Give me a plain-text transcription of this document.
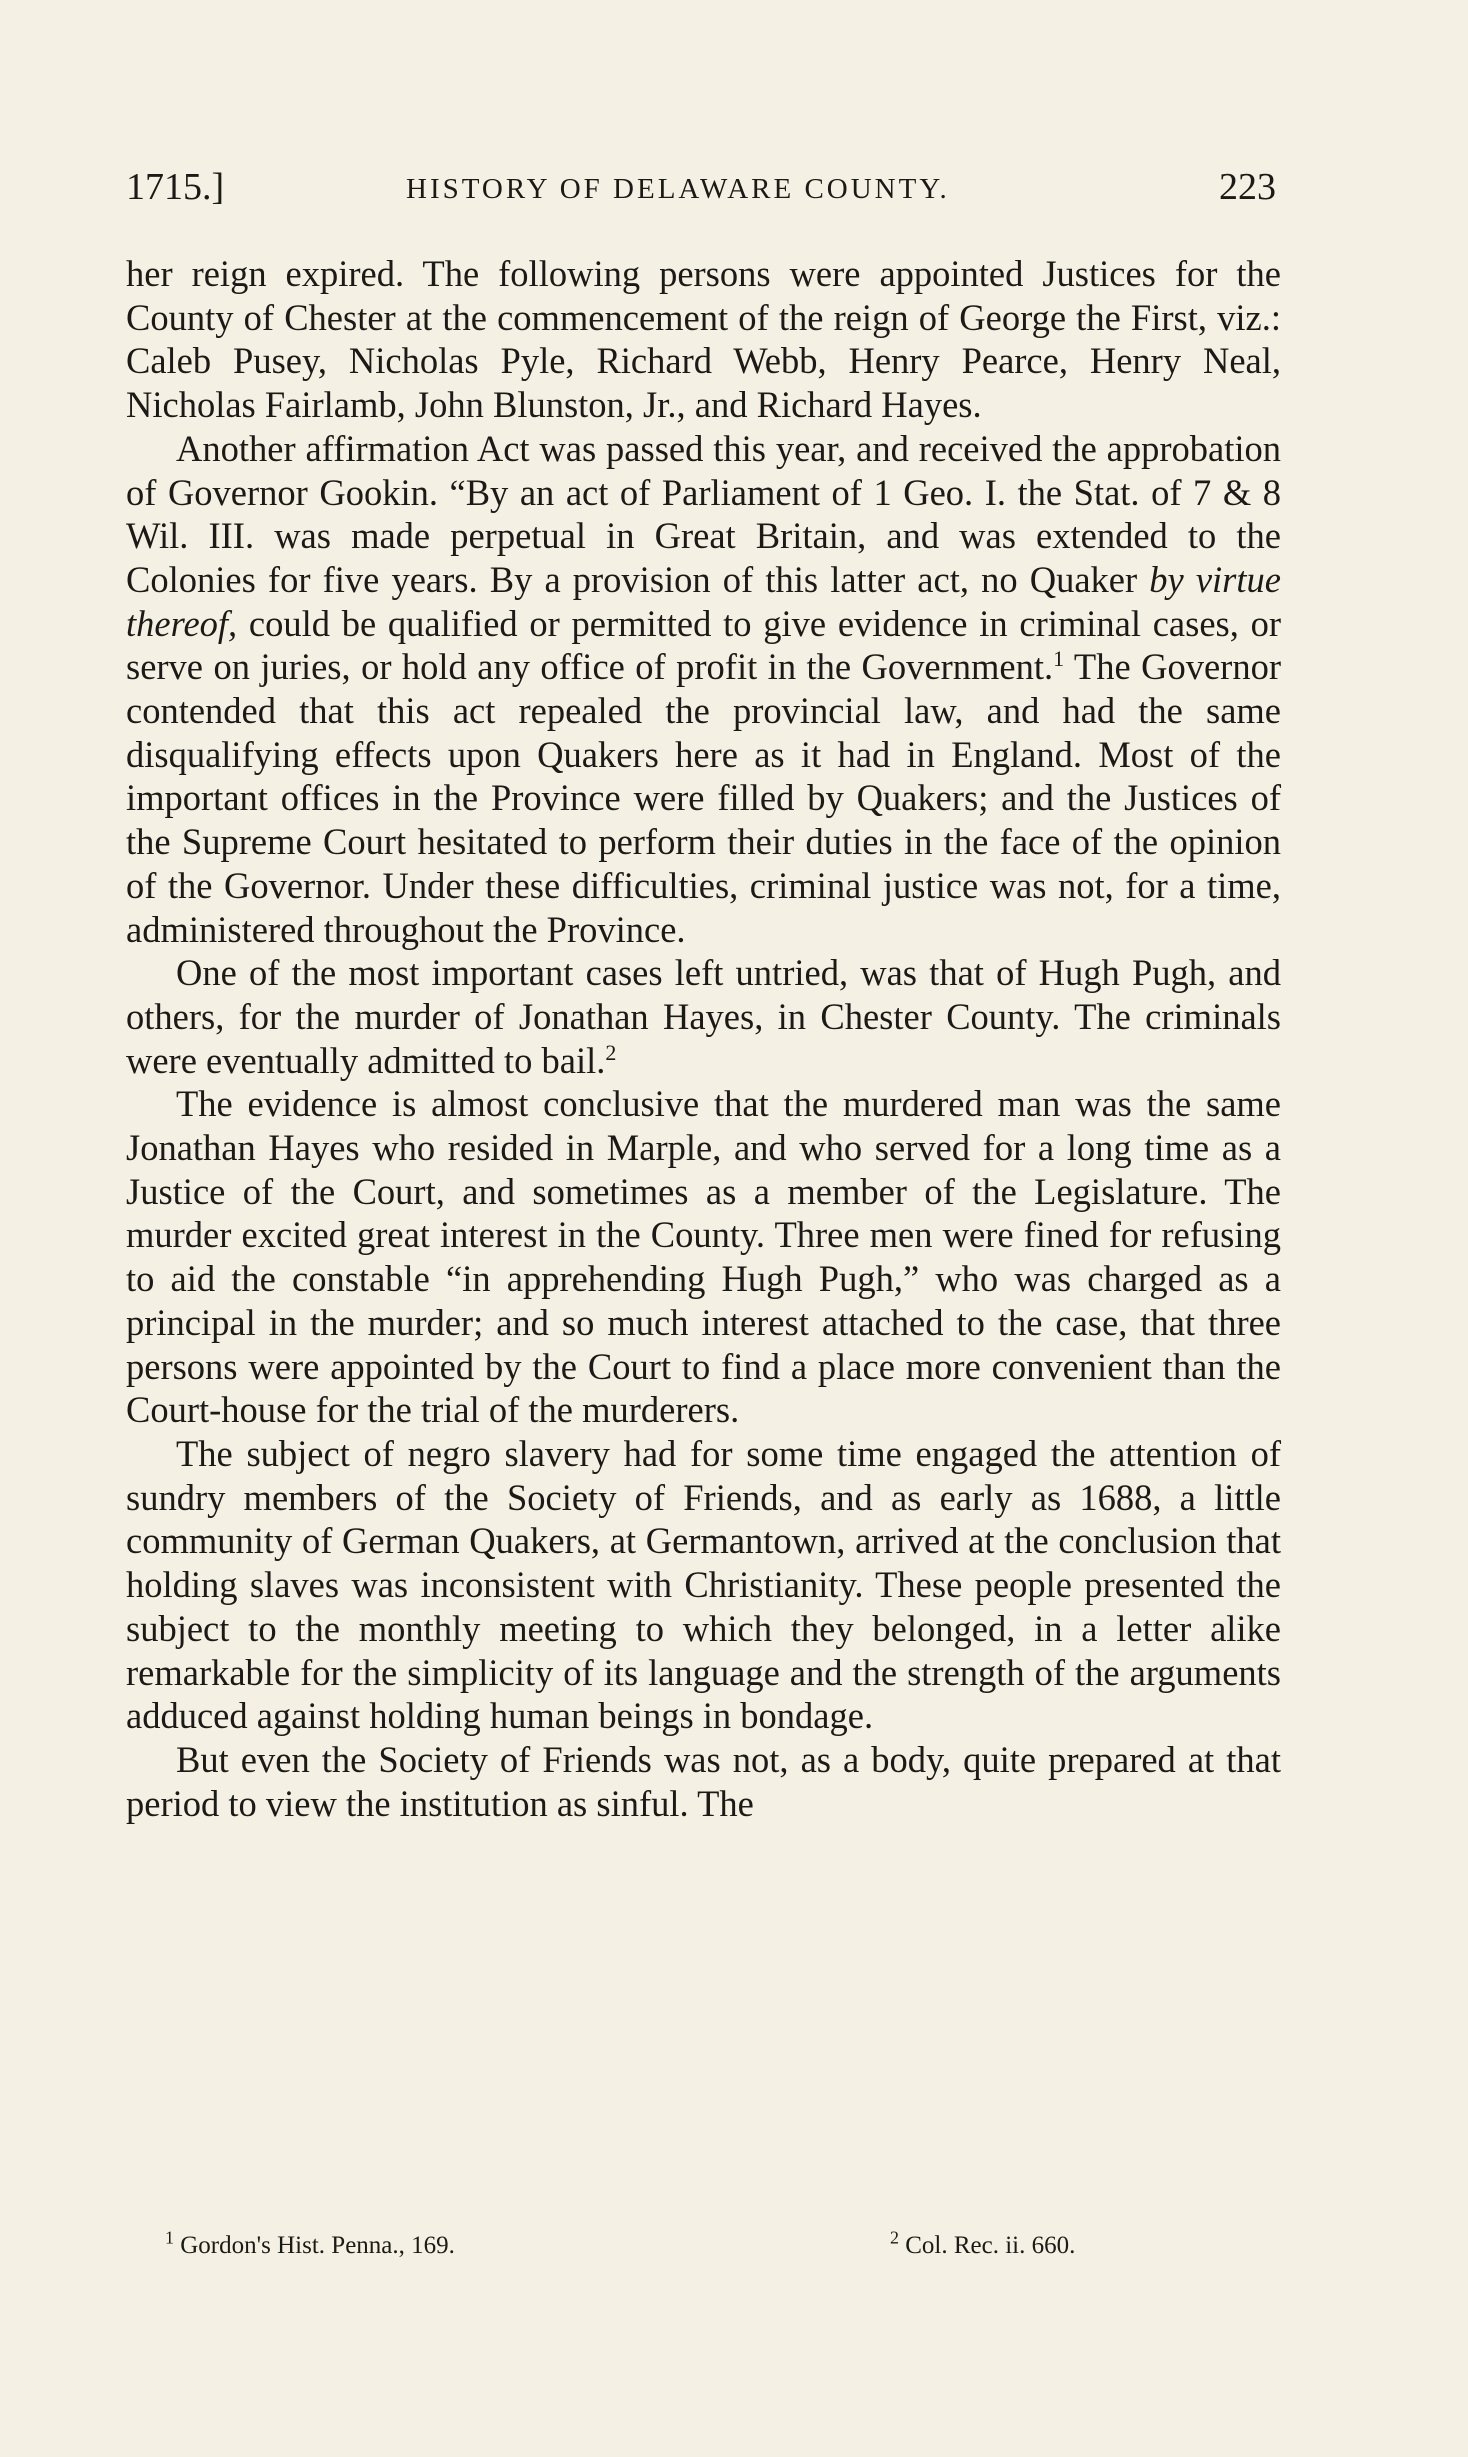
1715.]	HISTORY OF DELAWARE COUNTY.	223

her reign expired. The following persons were appointed Justices for the County of Chester at the commencement of the reign of George the First, viz.: Caleb Pusey, Nicholas Pyle, Richard Webb, Henry Pearce, Henry Neal, Nicholas Fairlamb, John Blunston, Jr., and Richard Hayes.

Another affirmation Act was passed this year, and received the approbation of Governor Gookin. “By an act of Parliament of 1 Geo. I. the Stat. of 7 & 8 Wil. III. was made perpetual in Great Britain, and was extended to the Colonies for five years. By a provision of this latter act, no Quaker by virtue thereof, could be qualified or permitted to give evidence in criminal cases, or serve on juries, or hold any office of profit in the Government.$^1$ The Governor contended that this act repealed the provincial law, and had the same disqualifying effects upon Quakers here as it had in England. Most of the important offices in the Province were filled by Quakers; and the Justices of the Supreme Court hesitated to perform their duties in the face of the opinion of the Governor. Under these difficulties, criminal justice was not, for a time, administered throughout the Province.

One of the most important cases left untried, was that of Hugh Pugh, and others, for the murder of Jonathan Hayes, in Chester County. The criminals were eventually admitted to bail.$^2$

The evidence is almost conclusive that the murdered man was the same Jonathan Hayes who resided in Marple, and who served for a long time as a Justice of the Court, and sometimes as a member of the Legislature. The murder excited great interest in the County. Three men were fined for refusing to aid the constable “in apprehending Hugh Pugh,” who was charged as a principal in the murder; and so much interest attached to the case, that three persons were appointed by the Court to find a place more convenient than the Court-house for the trial of the murderers.

The subject of negro slavery had for some time engaged the attention of sundry members of the Society of Friends, and as early as 1688, a little community of German Quakers, at Germantown, arrived at the conclusion that holding slaves was inconsistent with Christianity. These people presented the subject to the monthly meeting to which they belonged, in a letter alike remarkable for the simplicity of its language and the strength of the arguments adduced against holding human beings in bondage.

But even the Society of Friends was not, as a body, quite prepared at that period to view the institution as sinful. The

$^1$ Gordon's Hist. Penna., 169.	$^2$ Col. Rec. ii. 660.
